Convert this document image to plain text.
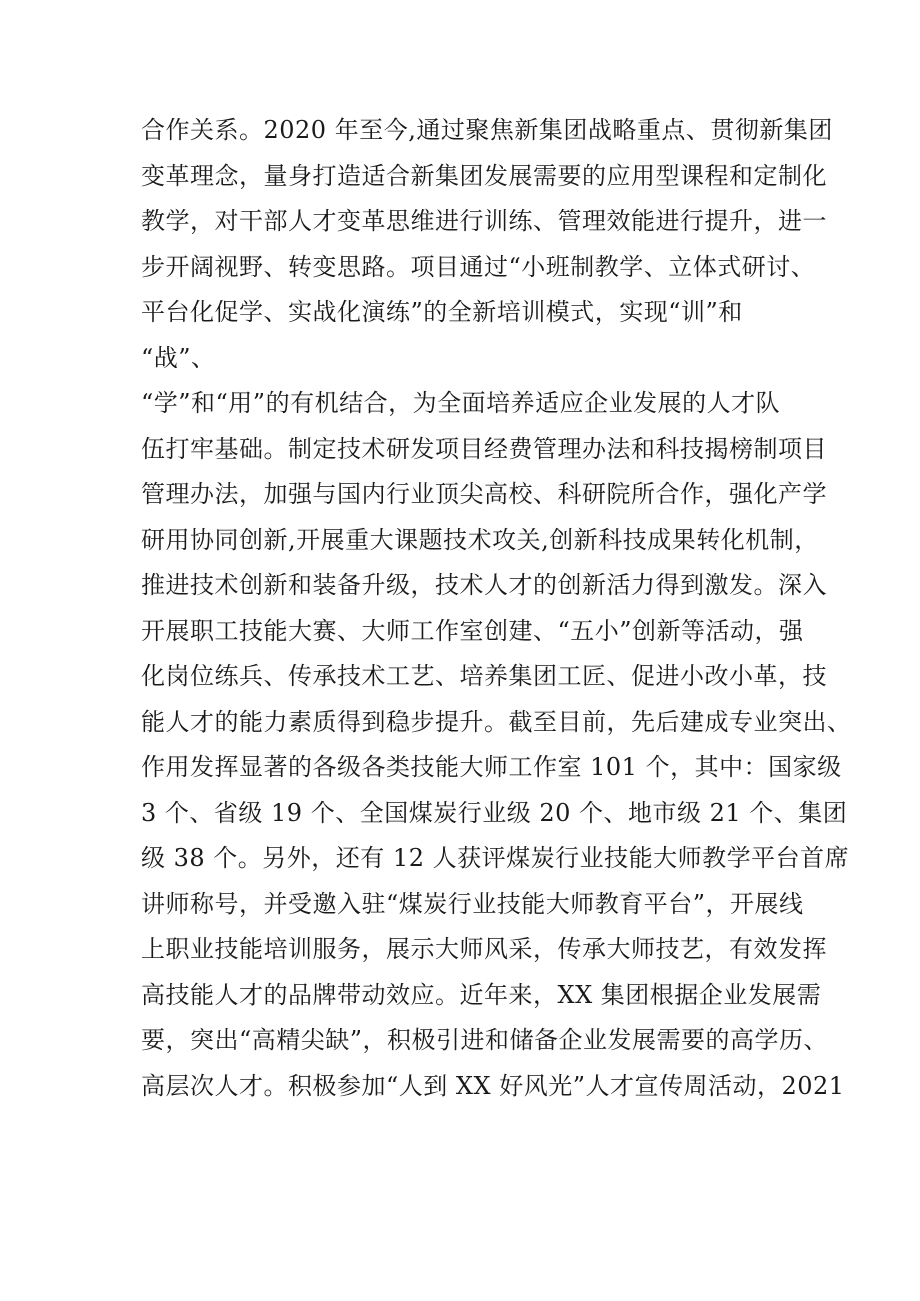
合作关系。2020 年至今,通过聚焦新集团战略重点、贯彻新集团
变革理念，量身打造适合新集团发展需要的应用型课程和定制化
教学，对干部人才变革思维进行训练、管理效能进行提升，进一
步开阔视野、转变思路。项目通过“小班制教学、立体式研讨、
平台化促学、实战化演练”的全新培训模式，实现“训”和
“战”、
“学”和“用”的有机结合，为全面培养适应企业发展的人才队
伍打牢基础。制定技术研发项目经费管理办法和科技揭榜制项目
管理办法，加强与国内行业顶尖高校、科研院所合作，强化产学
研用协同创新,开展重大课题技术攻关,创新科技成果转化机制，
推进技术创新和装备升级，技术人才的创新活力得到激发。深入
开展职工技能大赛、大师工作室创建、“五小”创新等活动，强
化岗位练兵、传承技术工艺、培养集团工匠、促进小改小革，技
能人才的能力素质得到稳步提升。截至目前，先后建成专业突出、
作用发挥显著的各级各类技能大师工作室 101 个，其中：国家级
3 个、省级 19 个、全国煤炭行业级 20 个、地市级 21 个、集团
级 38 个。另外，还有 12 人获评煤炭行业技能大师教学平台首席
讲师称号，并受邀入驻“煤炭行业技能大师教育平台”，开展线
上职业技能培训服务，展示大师风采，传承大师技艺，有效发挥
高技能人才的品牌带动效应。近年来，XX 集团根据企业发展需
要，突出“高精尖缺”，积极引进和储备企业发展需要的高学历、
高层次人才。积极参加“人到 XX 好风光”人才宣传周活动，2021
